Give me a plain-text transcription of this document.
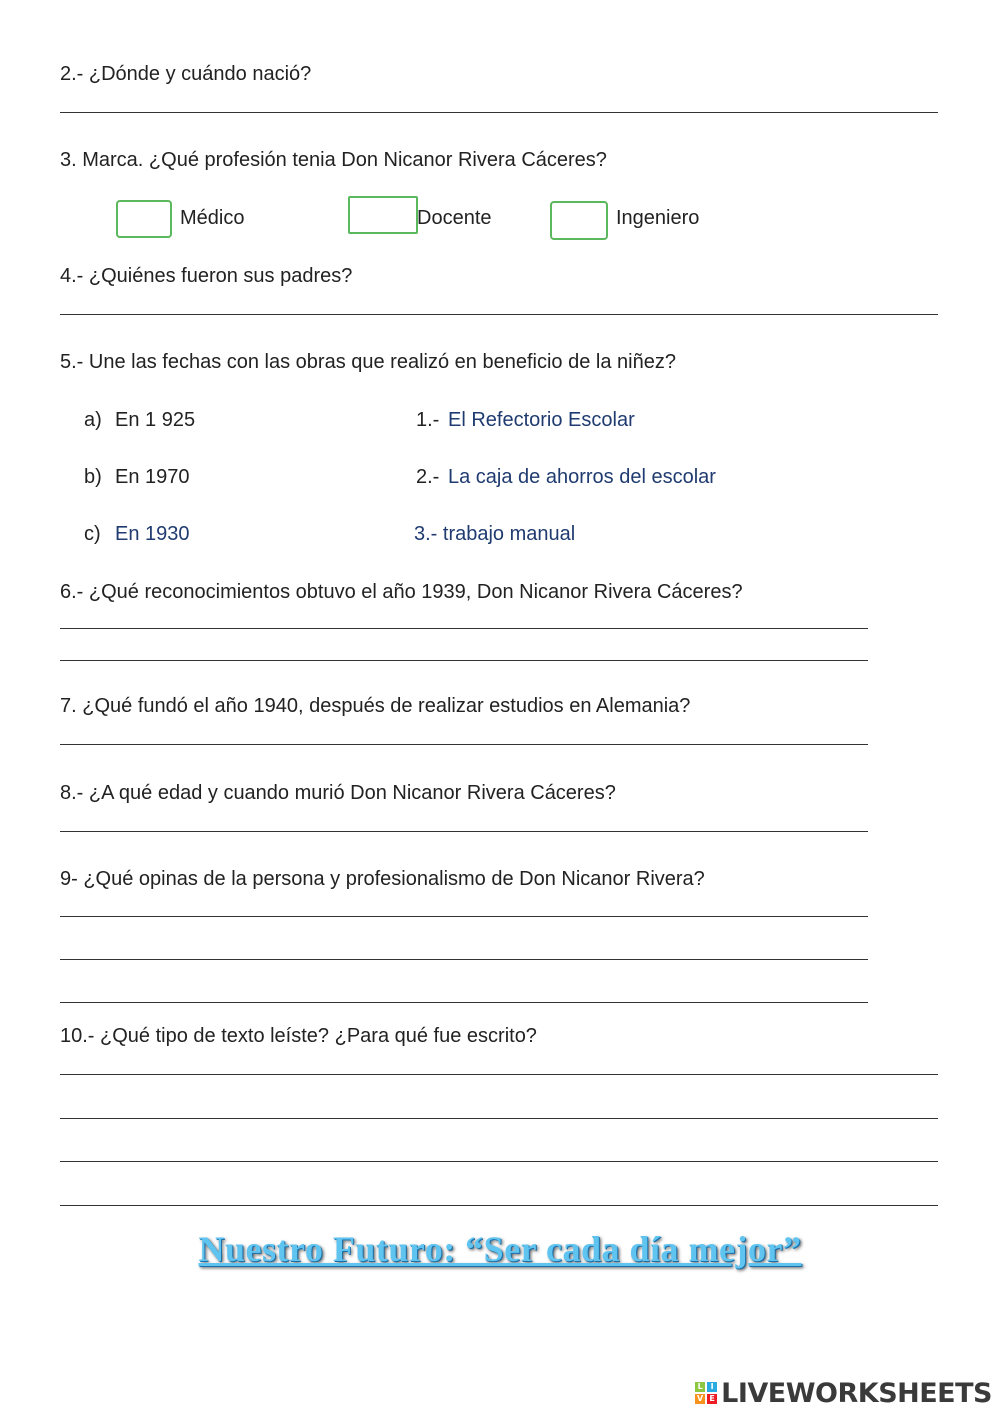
2.- ¿Dónde y cuándo nació?
3. Marca. ¿Qué profesión tenia Don Nicanor Rivera Cáceres?
Médico	Docente	Ingeniero
4.- ¿Quiénes fueron sus padres?
5.- Une las fechas con las obras que realizó en beneficio de la niñez?
a) En 1 925	1.- El Refectorio Escolar
b) En 1970	2.- La caja de ahorros del escolar
c) En 1930	3.- trabajo manual
6.- ¿Qué reconocimientos obtuvo el año 1939, Don Nicanor Rivera Cáceres?
7. ¿Qué fundó el año 1940, después de realizar estudios en Alemania?
8.- ¿A qué edad y cuando murió Don Nicanor Rivera Cáceres?
9- ¿Qué opinas de la persona y profesionalismo de Don Nicanor Rivera?
10.- ¿Qué tipo de texto leíste? ¿Para qué fue escrito?
Nuestro Futuro: “Ser cada día mejor”
L I
V E LIVEWORKSHEETS
